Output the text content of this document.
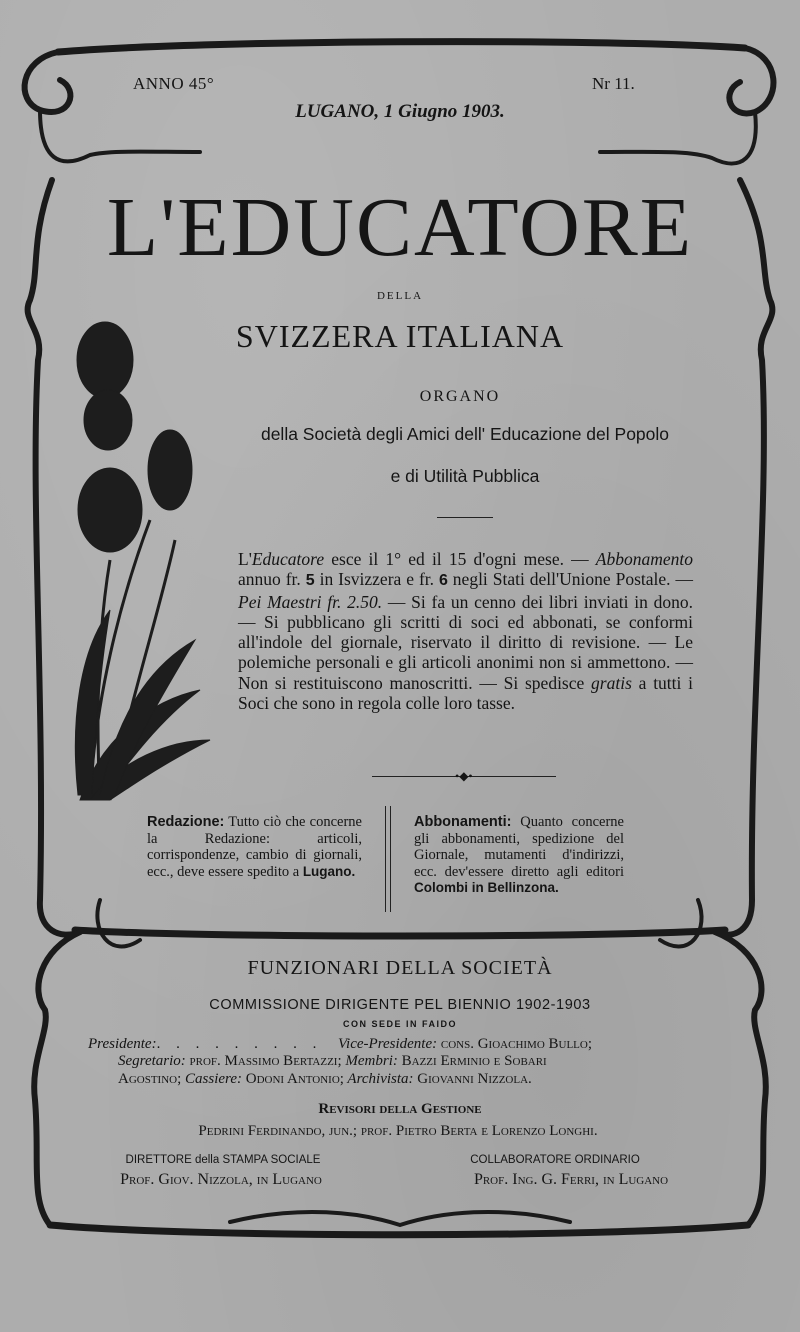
ANNO 45°	Nr 11.
LUGANO, 1 Giugno 1903.
L'EDUCATORE
DELLA
SVIZZERA ITALIANA
ORGANO
della Società degli Amici dell' Educazione del Popolo
e di Utilità Pubblica
L'Educatore esce il 1° ed il 15 d'ogni mese. — Abbonamento annuo fr. 5 in Isvizzera e fr. 6 negli Stati dell'Unione Postale. — Pei Maestri fr. 2.50. — Si fa un cenno dei libri inviati in dono. — Si pubblicano gli scritti di soci ed abbonati, se conformi all'indole del giornale, riservato il diritto di revisione. — Le polemiche personali e gli articoli anonimi non si ammettono. — Non si restituiscono manoscritti. — Si spedisce gratis a tutti i Soci che sono in regola colle loro tasse.
•◆•
Redazione: Tutto ciò che concerne la Redazione: articoli, corrispondenze, cambio di giornali, ecc., deve essere spedito a Lugano.
Abbonamenti: Quanto concerne gli abbonamenti, spedizione del Giornale, mutamenti d'indirizzi, ecc. dev'essere diretto agli editori Colombi in Bellinzona.
FUNZIONARI DELLA SOCIETÀ
COMMISSIONE DIRIGENTE PEL BIENNIO 1902-1903
CON SEDE IN FAIDO
Presidente:. . . . . . . . . Vice-Presidente: cons. Gioachimo Bullo;
Segretario: prof. Massimo Bertazzi; Membri: Bazzi Erminio e Sobari
Agostino; Cassiere: Odoni Antonio; Archivista: Giovanni Nizzola.
Revisori della Gestione
Pedrini Ferdinando, jun.; prof. Pietro Berta e Lorenzo Longhi.
DIRETTORE della STAMPA SOCIALE
Prof. Giov. Nizzola, in Lugano
COLLABORATORE ORDINARIO
Prof. Ing. G. Ferri, in Lugano
